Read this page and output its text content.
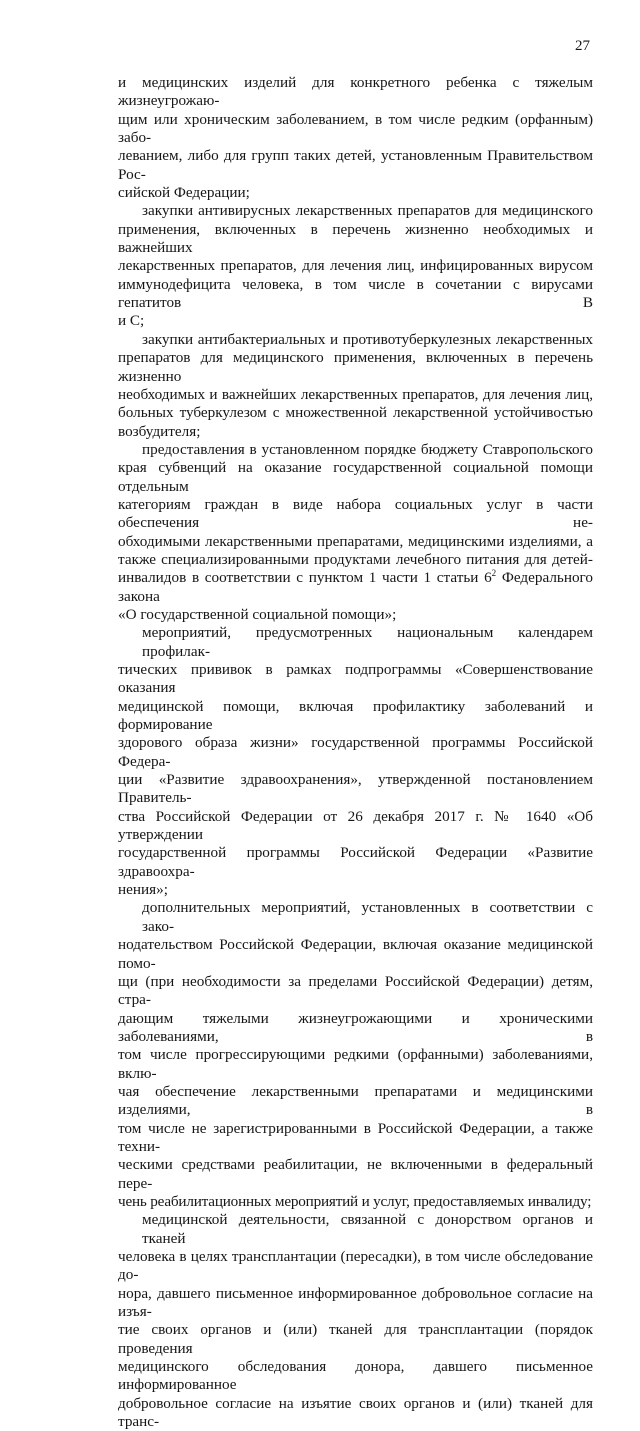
27
и медицинских изделий для конкретного ребенка с тяжелым жизнеугрожаю-
щим или хроническим заболеванием, в том числе редким (орфанным) забо-
леванием, либо для групп таких детей, установленным Правительством Рос-
сийской Федерации;
закупки антивирусных лекарственных препаратов для медицинского
применения, включенных в перечень жизненно необходимых и важнейших
лекарственных препаратов, для лечения лиц, инфицированных вирусом
иммунодефицита человека, в том числе в сочетании с вирусами гепатитов В
и С;
закупки антибактериальных и противотуберкулезных лекарственных
препаратов для медицинского применения, включенных в перечень жизненно
необходимых и важнейших лекарственных препаратов, для лечения лиц,
больных туберкулезом с множественной лекарственной устойчивостью
возбудителя;
предоставления в установленном порядке бюджету Ставропольского
края субвенций на оказание государственной социальной помощи отдельным
категориям граждан в виде набора социальных услуг в части обеспечения не-
обходимыми лекарственными препаратами, медицинскими изделиями, а
также специализированными продуктами лечебного питания для детей-
инвалидов в соответствии с пунктом 1 части 1 статьи $6^2$ Федерального закона
«О государственной социальной помощи»;
мероприятий, предусмотренных национальным календарем профилак-
тических прививок в рамках подпрограммы «Совершенствование оказания
медицинской помощи, включая профилактику заболеваний и формирование
здорового образа жизни» государственной программы Российской Федера-
ции «Развитие здравоохранения», утвержденной постановлением Правитель-
ства Российской Федерации от 26 декабря 2017 г. № 1640 «Об утверждении
государственной программы Российской Федерации «Развитие здравоохра-
нения»;
дополнительных мероприятий, установленных в соответствии с зако-
нодательством Российской Федерации, включая оказание медицинской помо-
щи (при необходимости за пределами Российской Федерации) детям, стра-
дающим тяжелыми жизнеугрожающими и хроническими заболеваниями, в
том числе прогрессирующими редкими (орфанными) заболеваниями, вклю-
чая обеспечение лекарственными препаратами и медицинскими изделиями, в
том числе не зарегистрированными в Российской Федерации, а также техни-
ческими средствами реабилитации, не включенными в федеральный пере-
чень реабилитационных мероприятий и услуг, предоставляемых инвалиду;
медицинской деятельности, связанной с донорством органов и тканей
человека в целях трансплантации (пересадки), в том числе обследование до-
нора, давшего письменное информированное добровольное согласие на изъя-
тие своих органов и (или) тканей для трансплантации (порядок проведения
медицинского обследования донора, давшего письменное информированное
добровольное согласие на изъятие своих органов и (или) тканей для транс-
